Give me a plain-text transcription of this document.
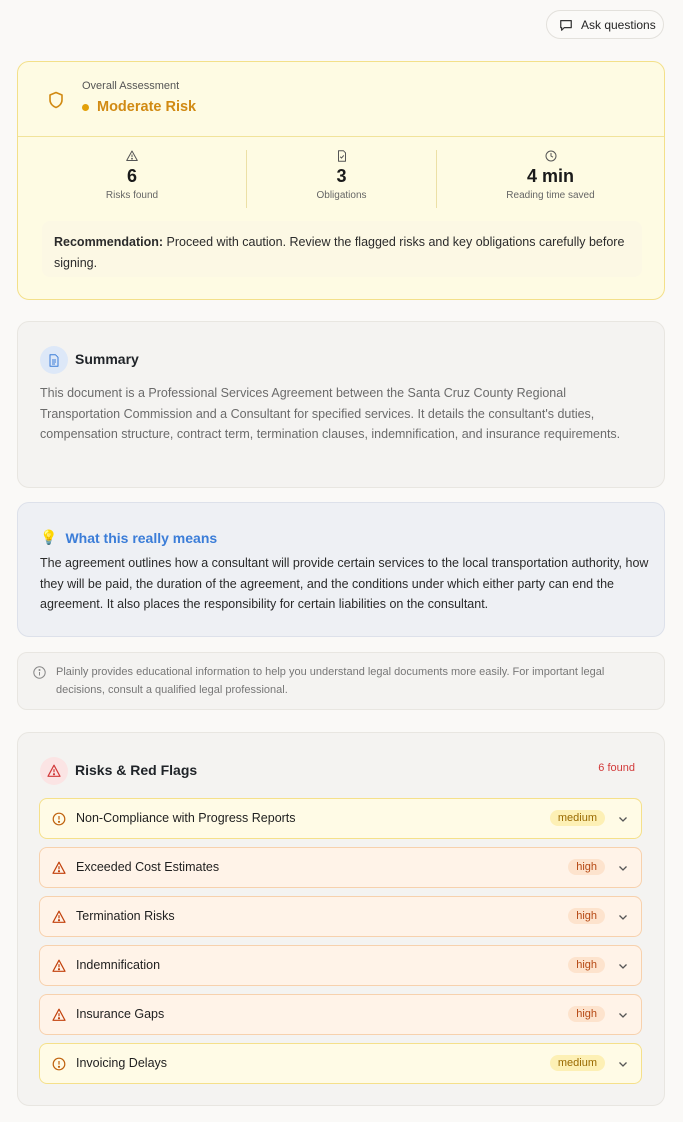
Ask questions
Overall Assessment
Moderate Risk
6
Risks found
3
Obligations
4 min
Reading time saved
Recommendation: Proceed with caution. Review the flagged risks and key obligations carefully before signing.
Summary
This document is a Professional Services Agreement between the Santa Cruz County Regional Transportation Commission and a Consultant for specified services. It details the consultant's duties, compensation structure, contract term, termination clauses, indemnification, and insurance requirements.
💡 What this really means
The agreement outlines how a consultant will provide certain services to the local transportation authority, how they will be paid, the duration of the agreement, and the conditions under which either party can end the agreement. It also places the responsibility for certain liabilities on the consultant.
Plainly provides educational information to help you understand legal documents more easily. For important legal decisions, consult a qualified legal professional.
Risks & Red Flags	6 found
Non-Compliance with Progress Reports	medium
Exceeded Cost Estimates	high
Termination Risks	high
Indemnification	high
Insurance Gaps	high
Invoicing Delays	medium
